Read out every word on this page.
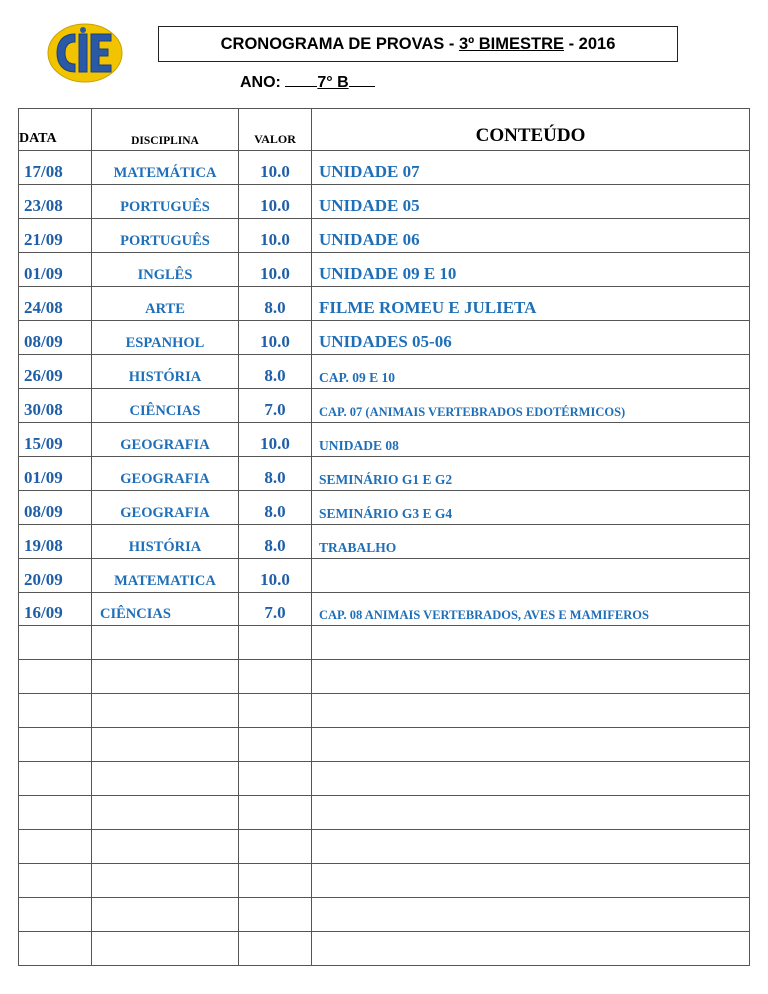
CRONOGRAMA DE PROVAS - 3º BIMESTRE - 2016
ANO: 7° B
DATA	DISCIPLINA	VALOR	CONTEÚDO
17/08	MATEMÁTICA	10.0	UNIDADE 07
23/08	PORTUGUÊS	10.0	UNIDADE 05
21/09	PORTUGUÊS	10.0	UNIDADE 06
01/09	INGLÊS	10.0	UNIDADE 09 E 10
24/08	ARTE	8.0	FILME ROMEU E JULIETA
08/09	ESPANHOL	10.0	UNIDADES 05-06
26/09	HISTÓRIA	8.0	CAP. 09 E 10
30/08	CIÊNCIAS	7.0	CAP. 07 (ANIMAIS VERTEBRADOS EDOTÉRMICOS)
15/09	GEOGRAFIA	10.0	UNIDADE 08
01/09	GEOGRAFIA	8.0	SEMINÁRIO G1 E G2
08/09	GEOGRAFIA	8.0	SEMINÁRIO G3 E G4
19/08	HISTÓRIA	8.0	TRABALHO
20/09	MATEMATICA	10.0	
16/09	CIÊNCIAS	7.0	CAP. 08 ANIMAIS VERTEBRADOS, AVES E MAMIFEROS
